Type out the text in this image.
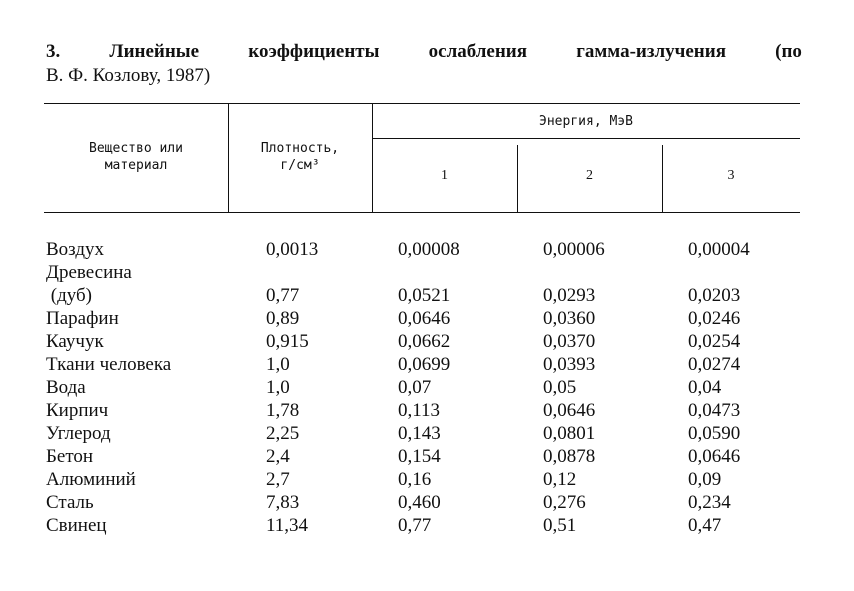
3.	Линейные	коэффициенты	ослабления	гамма-излучения	(по
В. Ф. Козлову, 1987)
Вещество или
материал
Плотность,
г/см³
Энергия, МэВ
1	2	3
Воздух	0,0013	0,00008	0,00006	0,00004
Древесина
(дуб)	0,77	0,0521	0,0293	0,0203
Парафин	0,89	0,0646	0,0360	0,0246
Каучук	0,915	0,0662	0,0370	0,0254
Ткани человека	1,0	0,0699	0,0393	0,0274
Вода	1,0	0,07	0,05	0,04
Кирпич	1,78	0,113	0,0646	0,0473
Углерод	2,25	0,143	0,0801	0,0590
Бетон	2,4	0,154	0,0878	0,0646
Алюминий	2,7	0,16	0,12	0,09
Сталь	7,83	0,460	0,276	0,234
Свинец	11,34	0,77	0,51	0,47
